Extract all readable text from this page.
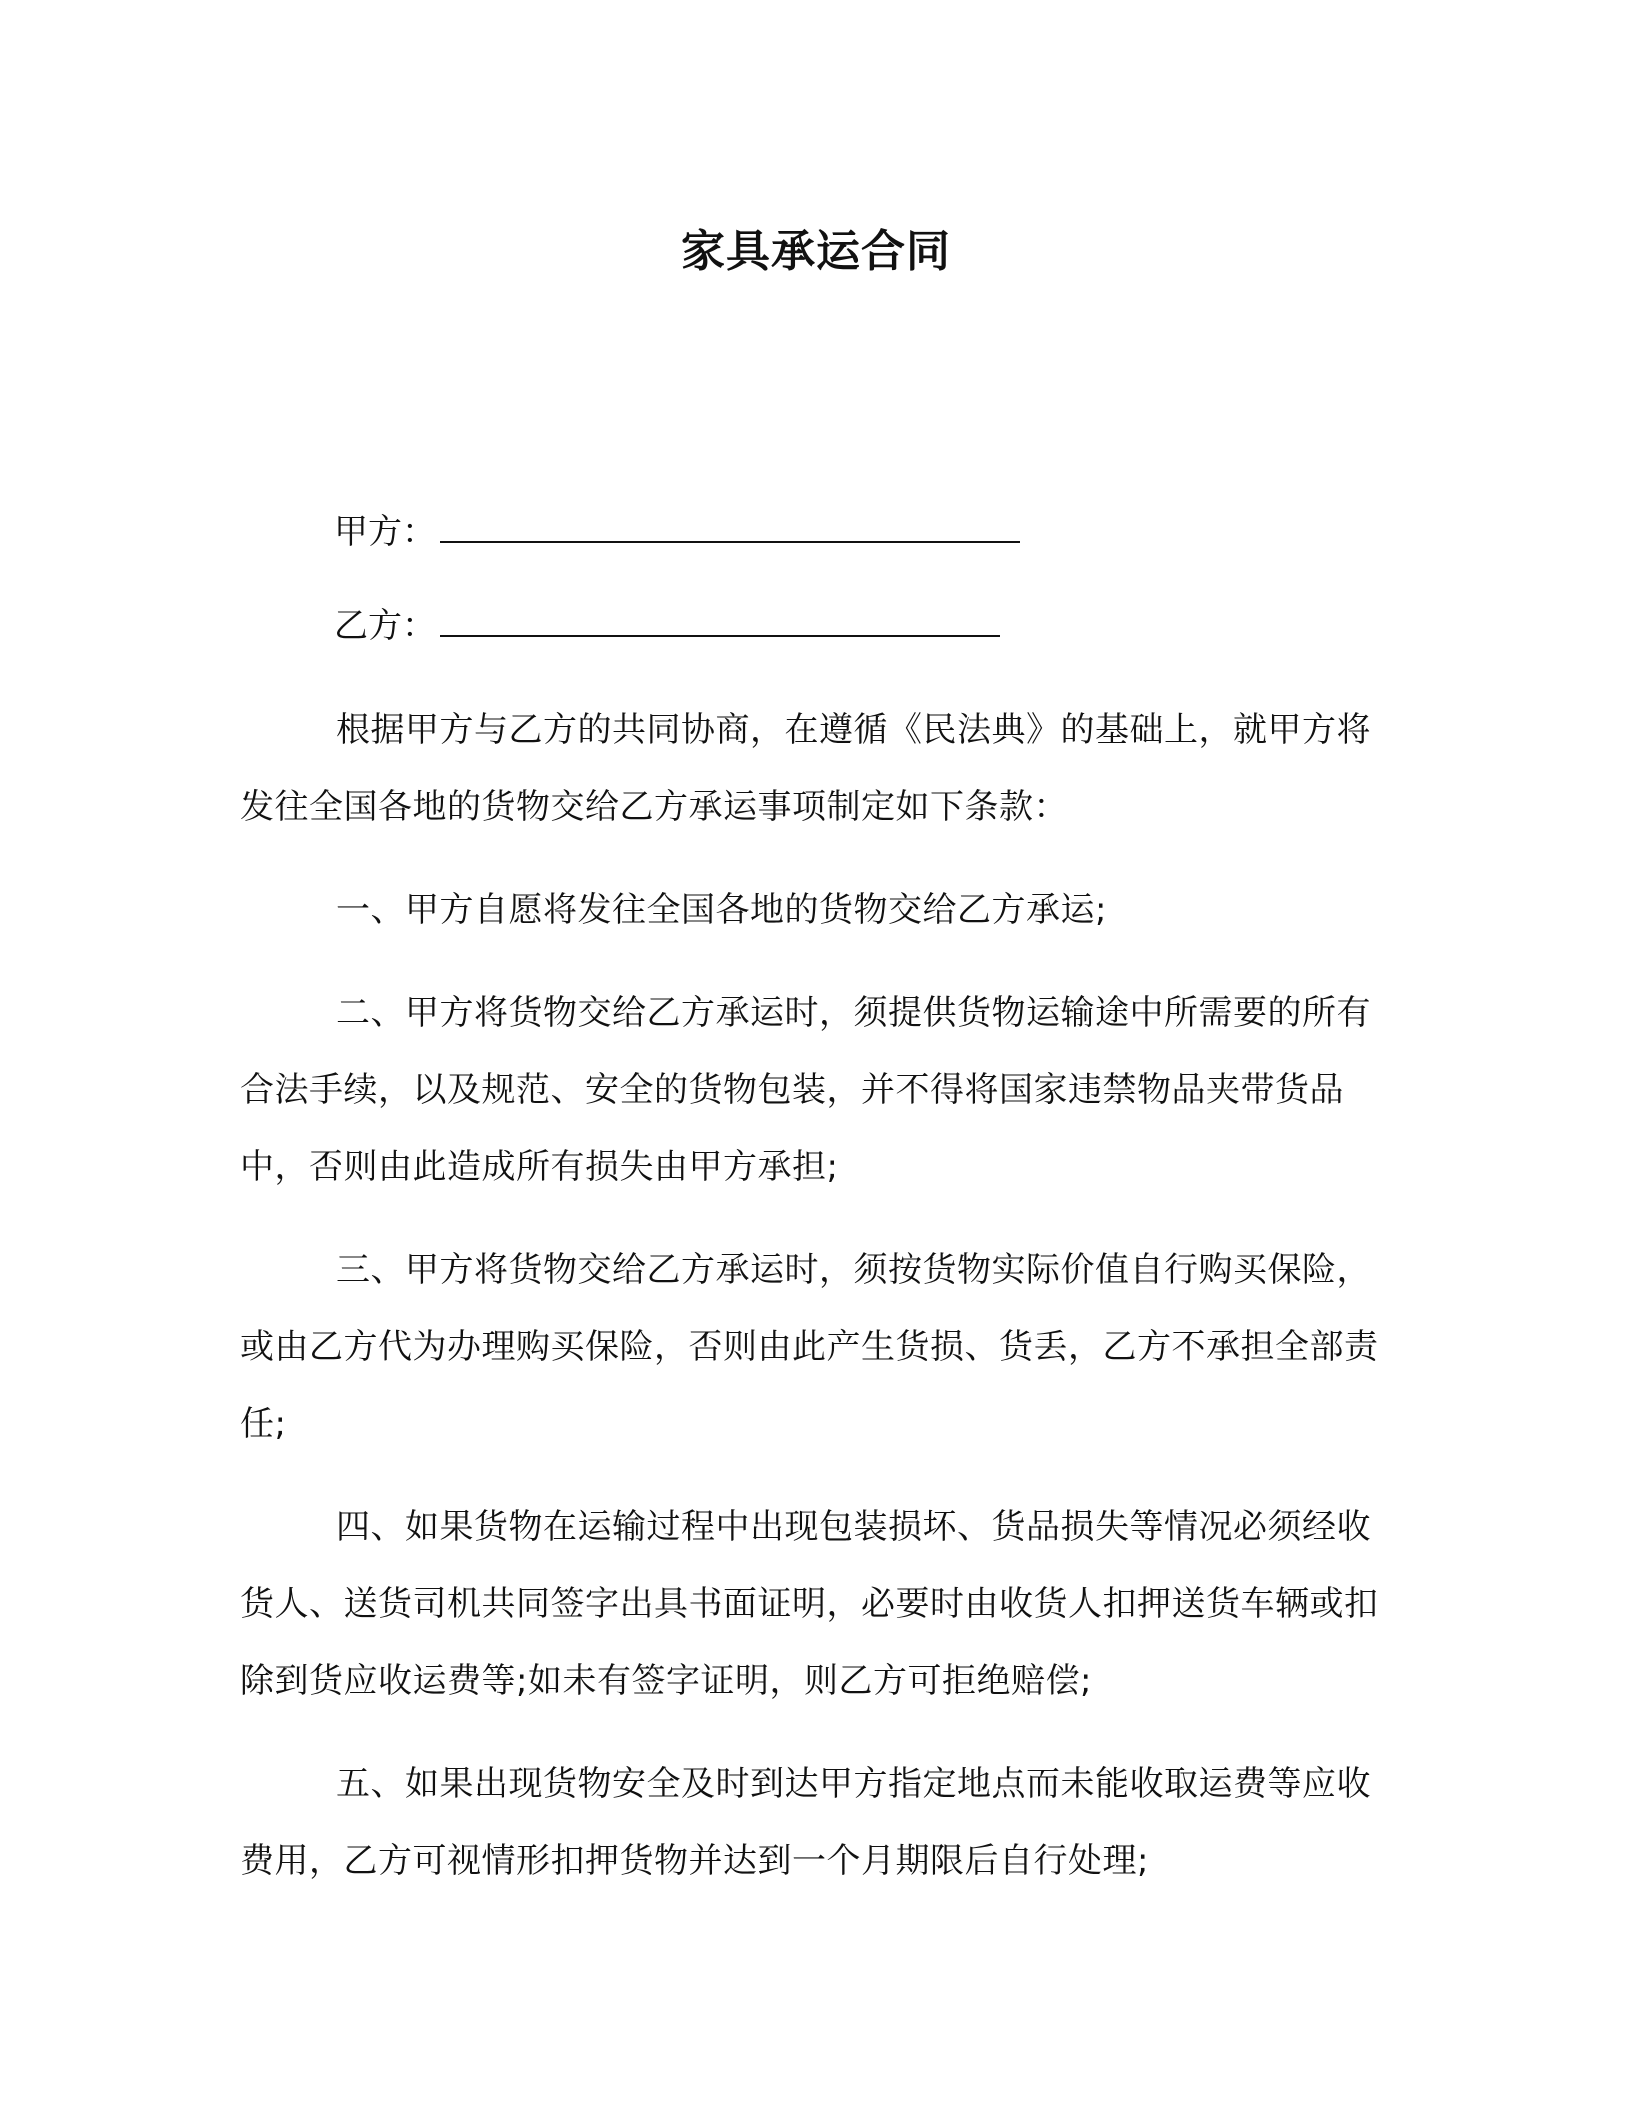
家具承运合同
甲方：
乙方：
根据甲方与乙方的共同协商，在遵循《民法典》的基础上，就甲方将发往全国各地的货物交给乙方承运事项制定如下条款：
一、甲方自愿将发往全国各地的货物交给乙方承运;
二、甲方将货物交给乙方承运时，须提供货物运输途中所需要的所有合法手续，以及规范、安全的货物包装，并不得将国家违禁物品夹带货品中，否则由此造成所有损失由甲方承担;
三、甲方将货物交给乙方承运时，须按货物实际价值自行购买保险，或由乙方代为办理购买保险，否则由此产生货损、货丢，乙方不承担全部责任;
四、如果货物在运输过程中出现包装损坏、货品损失等情况必须经收货人、送货司机共同签字出具书面证明，必要时由收货人扣押送货车辆或扣除到货应收运费等;如未有签字证明，则乙方可拒绝赔偿;
五、如果出现货物安全及时到达甲方指定地点而未能收取运费等应收费用，乙方可视情形扣押货物并达到一个月期限后自行处理;
